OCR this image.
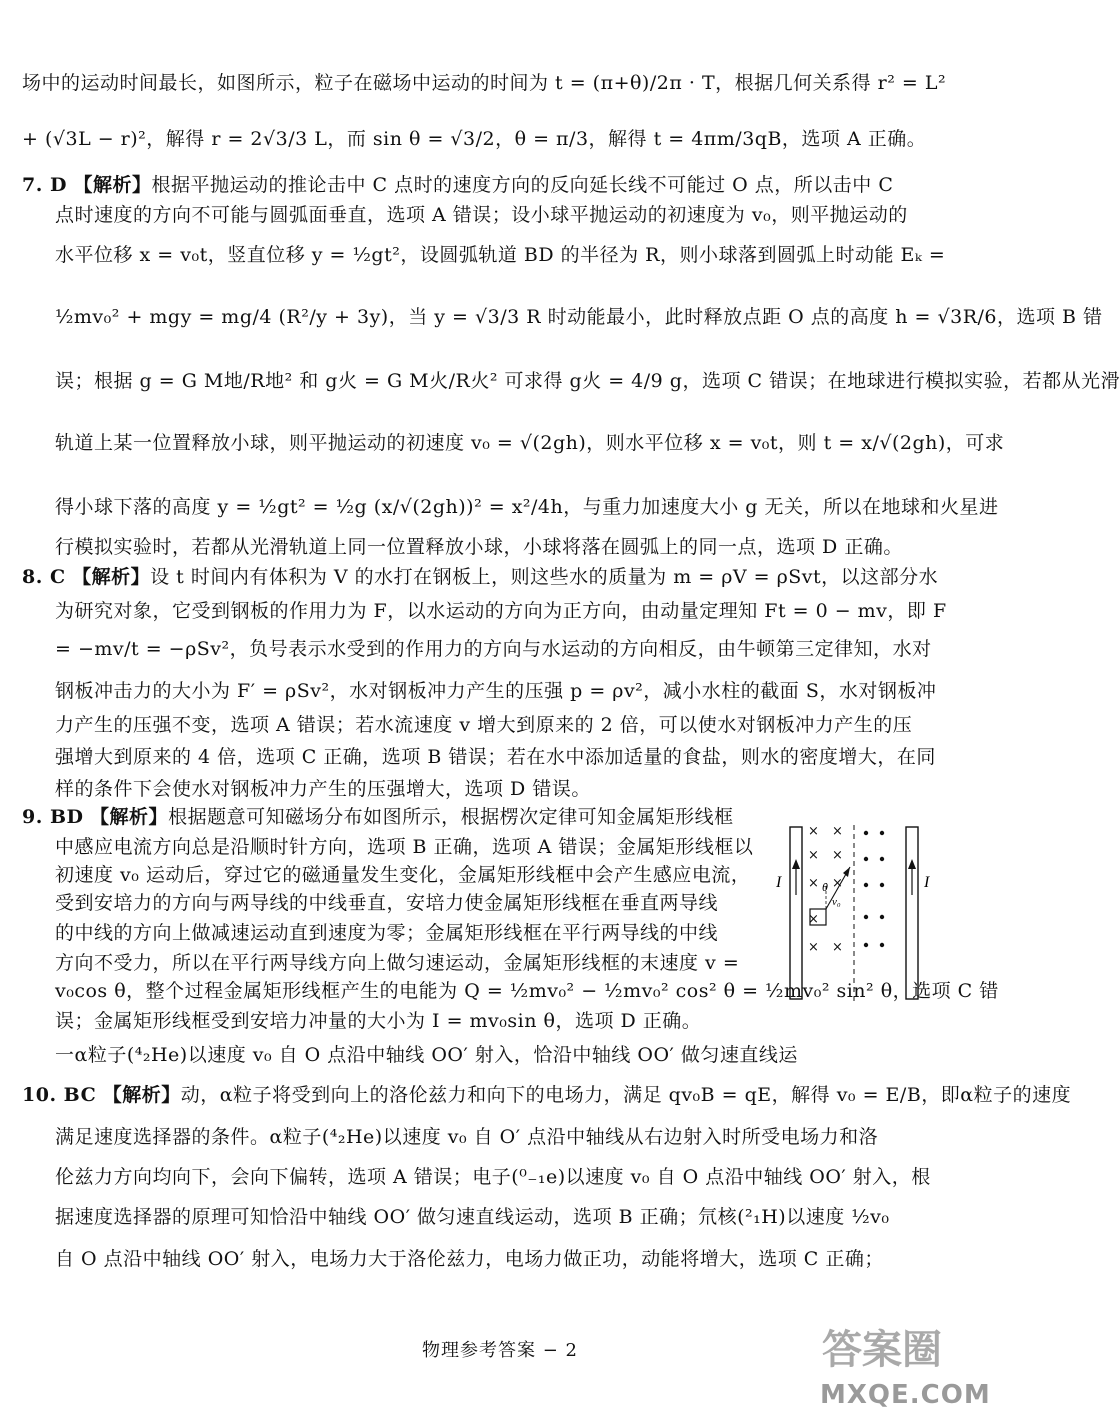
场中的运动时间最长，如图所示，粒子在磁场中运动的时间为 t = (π+θ)/2π · T，根据几何关系得 r² = L²
+ (√3L − r)²，解得 r = 2√3/3 L，而 sin θ = √3/2，θ = π/3，解得 t = 4πm/3qB，选项 A 正确。
7. D 【解析】根据平抛运动的推论击中 C 点时的速度方向的反向延长线不可能过 O 点，所以击中 C
点时速度的方向不可能与圆弧面垂直，选项 A 错误；设小球平抛运动的初速度为 v₀，则平抛运动的
水平位移 x = v₀t，竖直位移 y = ½gt²，设圆弧轨道 BD 的半径为 R，则小球落到圆弧上时动能 Eₖ =
½mv₀² + mgy = mg/4 (R²/y + 3y)，当 y = √3/3 R 时动能最小，此时释放点距 O 点的高度 h = √3R/6，选项 B 错
误；根据 g = G M地/R地² 和 g火 = G M火/R火² 可求得 g火 = 4/9 g，选项 C 错误；在地球进行模拟实验，若都从光滑
轨道上某一位置释放小球，则平抛运动的初速度 v₀ = √(2gh)，则水平位移 x = v₀t，则 t = x/√(2gh)，可求
得小球下落的高度 y = ½gt² = ½g (x/√(2gh))² = x²/4h，与重力加速度大小 g 无关，所以在地球和火星进
行模拟实验时，若都从光滑轨道上同一位置释放小球，小球将落在圆弧上的同一点，选项 D 正确。
8. C 【解析】设 t 时间内有体积为 V 的水打在钢板上，则这些水的质量为 m = ρV = ρSvt，以这部分水
为研究对象，它受到钢板的作用力为 F，以水运动的方向为正方向，由动量定理知 Ft = 0 − mv，即 F
= −mv/t = −ρSv²，负号表示水受到的作用力的方向与水运动的方向相反，由牛顿第三定律知，水对
钢板冲击力的大小为 F′ = ρSv²，水对钢板冲力产生的压强 p = ρv²，减小水柱的截面 S，水对钢板冲
力产生的压强不变，选项 A 错误；若水流速度 v 增大到原来的 2 倍，可以使水对钢板冲力产生的压
强增大到原来的 4 倍，选项 C 正确，选项 B 错误；若在水中添加适量的食盐，则水的密度增大，在同
样的条件下会使水对钢板冲力产生的压强增大，选项 D 错误。
9. BD 【解析】根据题意可知磁场分布如图所示，根据楞次定律可知金属矩形线框
中感应电流方向总是沿顺时针方向，选项 B 正确，选项 A 错误；金属矩形线框以
初速度 v₀ 运动后，穿过它的磁通量发生变化，金属矩形线框中会产生感应电流，
受到安培力的方向与两导线的中线垂直，安培力使金属矩形线框在垂直两导线
的中线的方向上做减速运动直到速度为零；金属矩形线框在平行两导线的中线
方向不受力，所以在平行两导线方向上做匀速运动，金属矩形线框的末速度 v =
v₀cos θ，整个过程金属矩形线框产生的电能为 Q = ½mv₀² − ½mv₀² cos² θ = ½mv₀² sin² θ，选项 C 错
误；金属矩形线框受到安培力冲量的大小为 I = mv₀sin θ，选项 D 正确。
一α粒子(⁴₂He)以速度 v₀ 自 O 点沿中轴线 OO′ 射入，恰沿中轴线 OO′ 做匀速直线运
10. BC 【解析】动，α粒子将受到向上的洛伦兹力和向下的电场力，满足 qv₀B = qE，解得 v₀ = E/B，即α粒子的速度
满足速度选择器的条件。α粒子(⁴₂He)以速度 v₀ 自 O′ 点沿中轴线从右边射入时所受电场力和洛
伦兹力方向均向下，会向下偏转，选项 A 错误；电子(⁰₋₁e)以速度 v₀ 自 O 点沿中轴线 OO′ 射入，根
据速度选择器的原理可知恰沿中轴线 OO′ 做匀速直线运动，选项 B 正确；氘核(²₁H)以速度 ½v₀
自 O 点沿中轴线 OO′ 射入，电场力大于洛伦兹力，电场力做正功，动能将增大，选项 C 正确；
I	I
× ×
× ×
× ×
×
× ×
θ
v₀
物理参考答案 − 2	答案圈
MXQE.COM
